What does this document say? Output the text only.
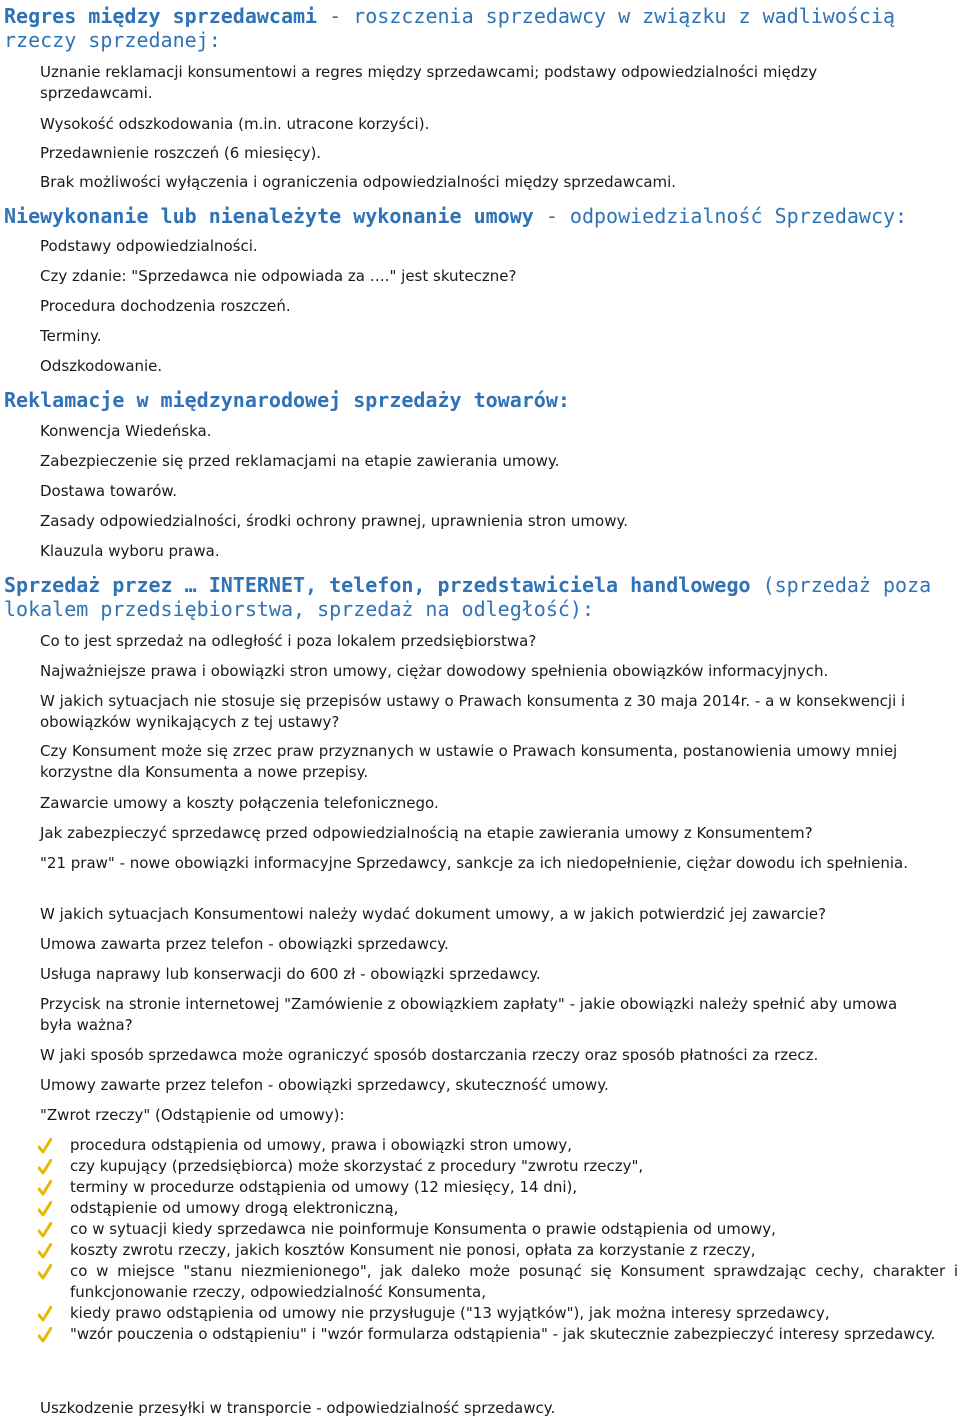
Regres między sprzedawcami - roszczenia sprzedawcy w związku z wadliwością rzeczy sprzedanej:
Uznanie reklamacji konsumentowi a regres między sprzedawcami; podstawy odpowiedzialności między sprzedawcami.
Wysokość odszkodowania (m.in. utracone korzyści).
Przedawnienie roszczeń (6 miesięcy).
Brak możliwości wyłączenia i ograniczenia odpowiedzialności między sprzedawcami.
Niewykonanie lub nienależyte wykonanie umowy - odpowiedzialność Sprzedawcy:
Podstawy odpowiedzialności.
Czy zdanie: "Sprzedawca nie odpowiada za …." jest skuteczne?
Procedura dochodzenia roszczeń.
Terminy.
Odszkodowanie.
Reklamacje w międzynarodowej sprzedaży towarów:
Konwencja Wiedeńska.
Zabezpieczenie się przed reklamacjami na etapie zawierania umowy.
Dostawa towarów.
Zasady odpowiedzialności, środki ochrony prawnej, uprawnienia stron umowy.
Klauzula wyboru prawa.
Sprzedaż przez … INTERNET, telefon, przedstawiciela handlowego (sprzedaż poza lokalem przedsiębiorstwa, sprzedaż na odległość):
Co to jest sprzedaż na odległość i poza lokalem przedsiębiorstwa?
Najważniejsze prawa i obowiązki stron umowy, ciężar dowodowy spełnienia obowiązków informacyjnych.
W jakich sytuacjach nie stosuje się przepisów ustawy o Prawach konsumenta z 30 maja 2014r. - a w konsekwencji i obowiązków wynikających z tej ustawy?
Czy Konsument może się zrzec praw przyznanych w ustawie o Prawach konsumenta, postanowienia umowy mniej korzystne dla Konsumenta a nowe przepisy.
Zawarcie umowy a koszty połączenia telefonicznego.
Jak zabezpieczyć sprzedawcę przed odpowiedzialnością na etapie zawierania umowy z Konsumentem?
"21 praw" - nowe obowiązki informacyjne Sprzedawcy, sankcje za ich niedopełnienie, ciężar dowodu ich spełnienia.
W jakich sytuacjach Konsumentowi należy wydać dokument umowy, a w jakich potwierdzić jej zawarcie?
Umowa zawarta przez telefon - obowiązki sprzedawcy.
Usługa naprawy lub konserwacji do 600 zł - obowiązki sprzedawcy.
Przycisk na stronie internetowej "Zamówienie z obowiązkiem zapłaty" - jakie obowiązki należy spełnić aby umowa była ważna?
W jaki sposób sprzedawca może ograniczyć sposób dostarczania rzeczy oraz sposób płatności za rzecz.
Umowy zawarte przez telefon - obowiązki sprzedawcy, skuteczność umowy.
"Zwrot rzeczy" (Odstąpienie od umowy):
procedura odstąpienia od umowy, prawa i obowiązki stron umowy,
czy kupujący (przedsiębiorca) może skorzystać z procedury "zwrotu rzeczy",
terminy w procedurze odstąpienia od umowy (12 miesięcy, 14 dni),
odstąpienie od umowy drogą elektroniczną,
co w sytuacji kiedy sprzedawca nie poinformuje Konsumenta o prawie odstąpienia od umowy,
koszty zwrotu rzeczy, jakich kosztów Konsument nie ponosi, opłata za korzystanie z rzeczy,
co w miejsce "stanu niezmienionego", jak daleko może posunąć się Konsument sprawdzając cechy, charakter i funkcjonowanie rzeczy, odpowiedzialność Konsumenta,
kiedy prawo odstąpienia od umowy nie przysługuje ("13 wyjątków"), jak można interesy sprzedawcy,
"wzór pouczenia o odstąpieniu" i "wzór formularza odstąpienia" - jak skutecznie zabezpieczyć interesy sprzedawcy.
Uszkodzenie przesyłki w transporcie - odpowiedzialność sprzedawcy.
